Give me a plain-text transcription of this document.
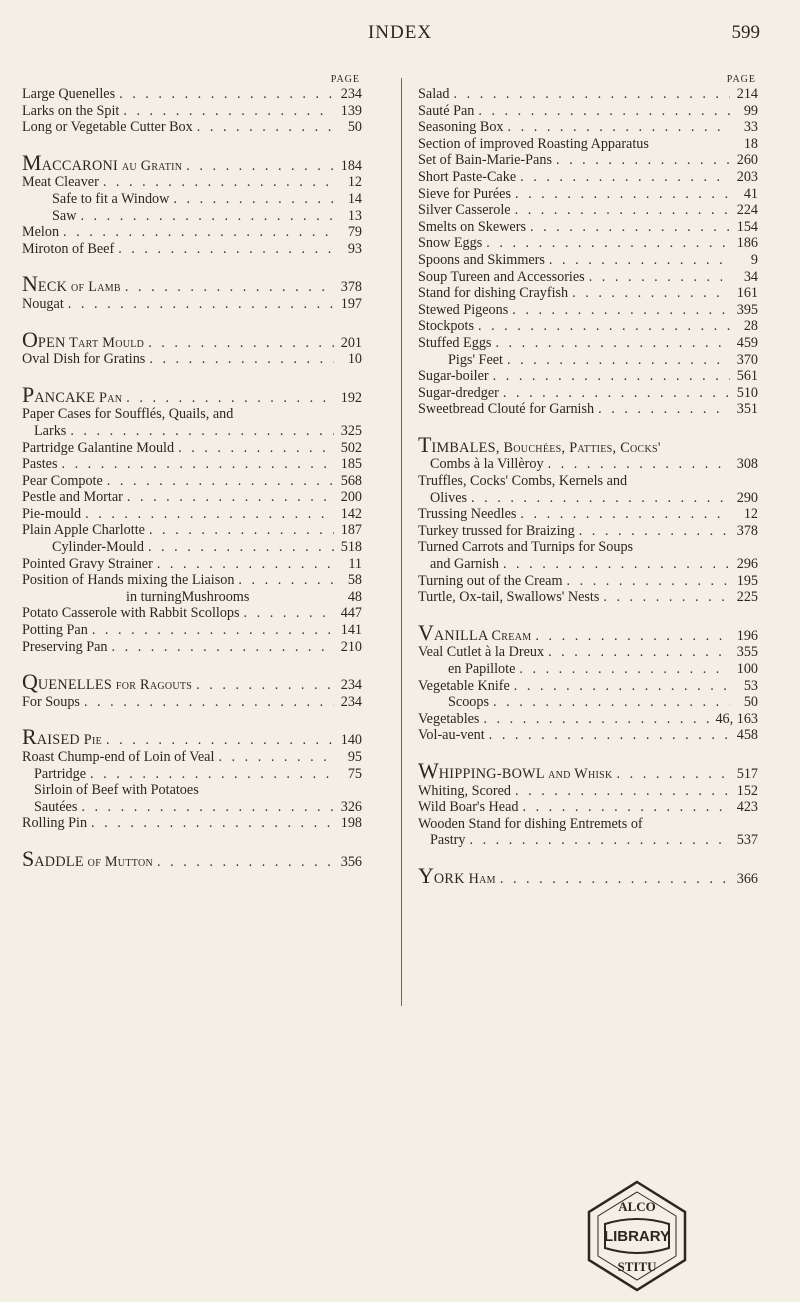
INDEX	599
PAGE
Large Quenelles . . .	234
Larks on the Spit . . .	139
Long or Vegetable Cutter Box . . .	50
MACCARONI au Gratin . . .	184
Meat Cleaver . . .	12
Safe to fit a Window . . .	14
Saw . . .	13
Melon . . .	79
Miroton of Beef . . .	93
NECK of Lamb . . .	378
Nougat . . .	197
OPEN Tart Mould . . .	201
Oval Dish for Gratins . . .	10
PANCAKE Pan . . .	192
Paper Cases for Soufflés, Quails, and
Larks . . .	325
Partridge Galantine Mould . . .	502
Pastes . . .	185
Pear Compote . . .	568
Pestle and Mortar . . .	200
Pie-mould . . .	142
Plain Apple Charlotte . . .	187
Cylinder-Mould . . .	518
Pointed Gravy Strainer . . .	11
Position of Hands mixing the Liaison . . .	58
in turningMushrooms	48
Potato Casserole with Rabbit Scollops . . .	447
Potting Pan . . .	141
Preserving Pan . . .	210
QUENELLES for Ragouts . . .	234
For Soups . . .	234
RAISED Pie . . .	140
Roast Chump-end of Loin of Veal . . .	95
Partridge . . .	75
Sirloin of Beef with Potatoes
Sautées . . .	326
Rolling Pin . . .	198
SADDLE of Mutton . . .	356
PAGE
Salad . . .	214
Sauté Pan . . .	99
Seasoning Box . . .	33
Section of improved Roasting Apparatus	18
Set of Bain-Marie-Pans . . .	260
Short Paste-Cake . . .	203
Sieve for Purées . . .	41
Silver Casserole . . .	224
Smelts on Skewers . . .	154
Snow Eggs . . .	186
Spoons and Skimmers . . .	9
Soup Tureen and Accessories . . .	34
Stand for dishing Crayfish . . .	161
Stewed Pigeons . . .	395
Stockpots . . .	28
Stuffed Eggs . . .	459
Pigs' Feet . . .	370
Sugar-boiler . . .	561
Sugar-dredger . . .	510
Sweetbread Clouté for Garnish . . .	351
TIMBALES, Bouchées, Patties, Cocks'
Combs à la Villèroy . . .	308
Truffles, Cocks' Combs, Kernels and
Olives . . .	290
Trussing Needles . . .	12
Turkey trussed for Braizing . . .	378
Turned Carrots and Turnips for Soups
and Garnish . . .	296
Turning out of the Cream . . .	195
Turtle, Ox-tail, Swallows' Nests . . .	225
VANILLA Cream . . .	196
Veal Cutlet à la Dreux . . .	355
en Papillote . . .	100
Vegetable Knife . . .	53
Scoops . . .	50
Vegetables . . .	46, 163
Vol-au-vent . . .	458
WHIPPING-BOWL and Whisk . . .	517
Whiting, Scored . . .	152
Wild Boar's Head . . .	423
Wooden Stand for dishing Entremets of
Pastry . . .	537
YORK Ham . . .	366
ALCO
LIBRARY
STITU
